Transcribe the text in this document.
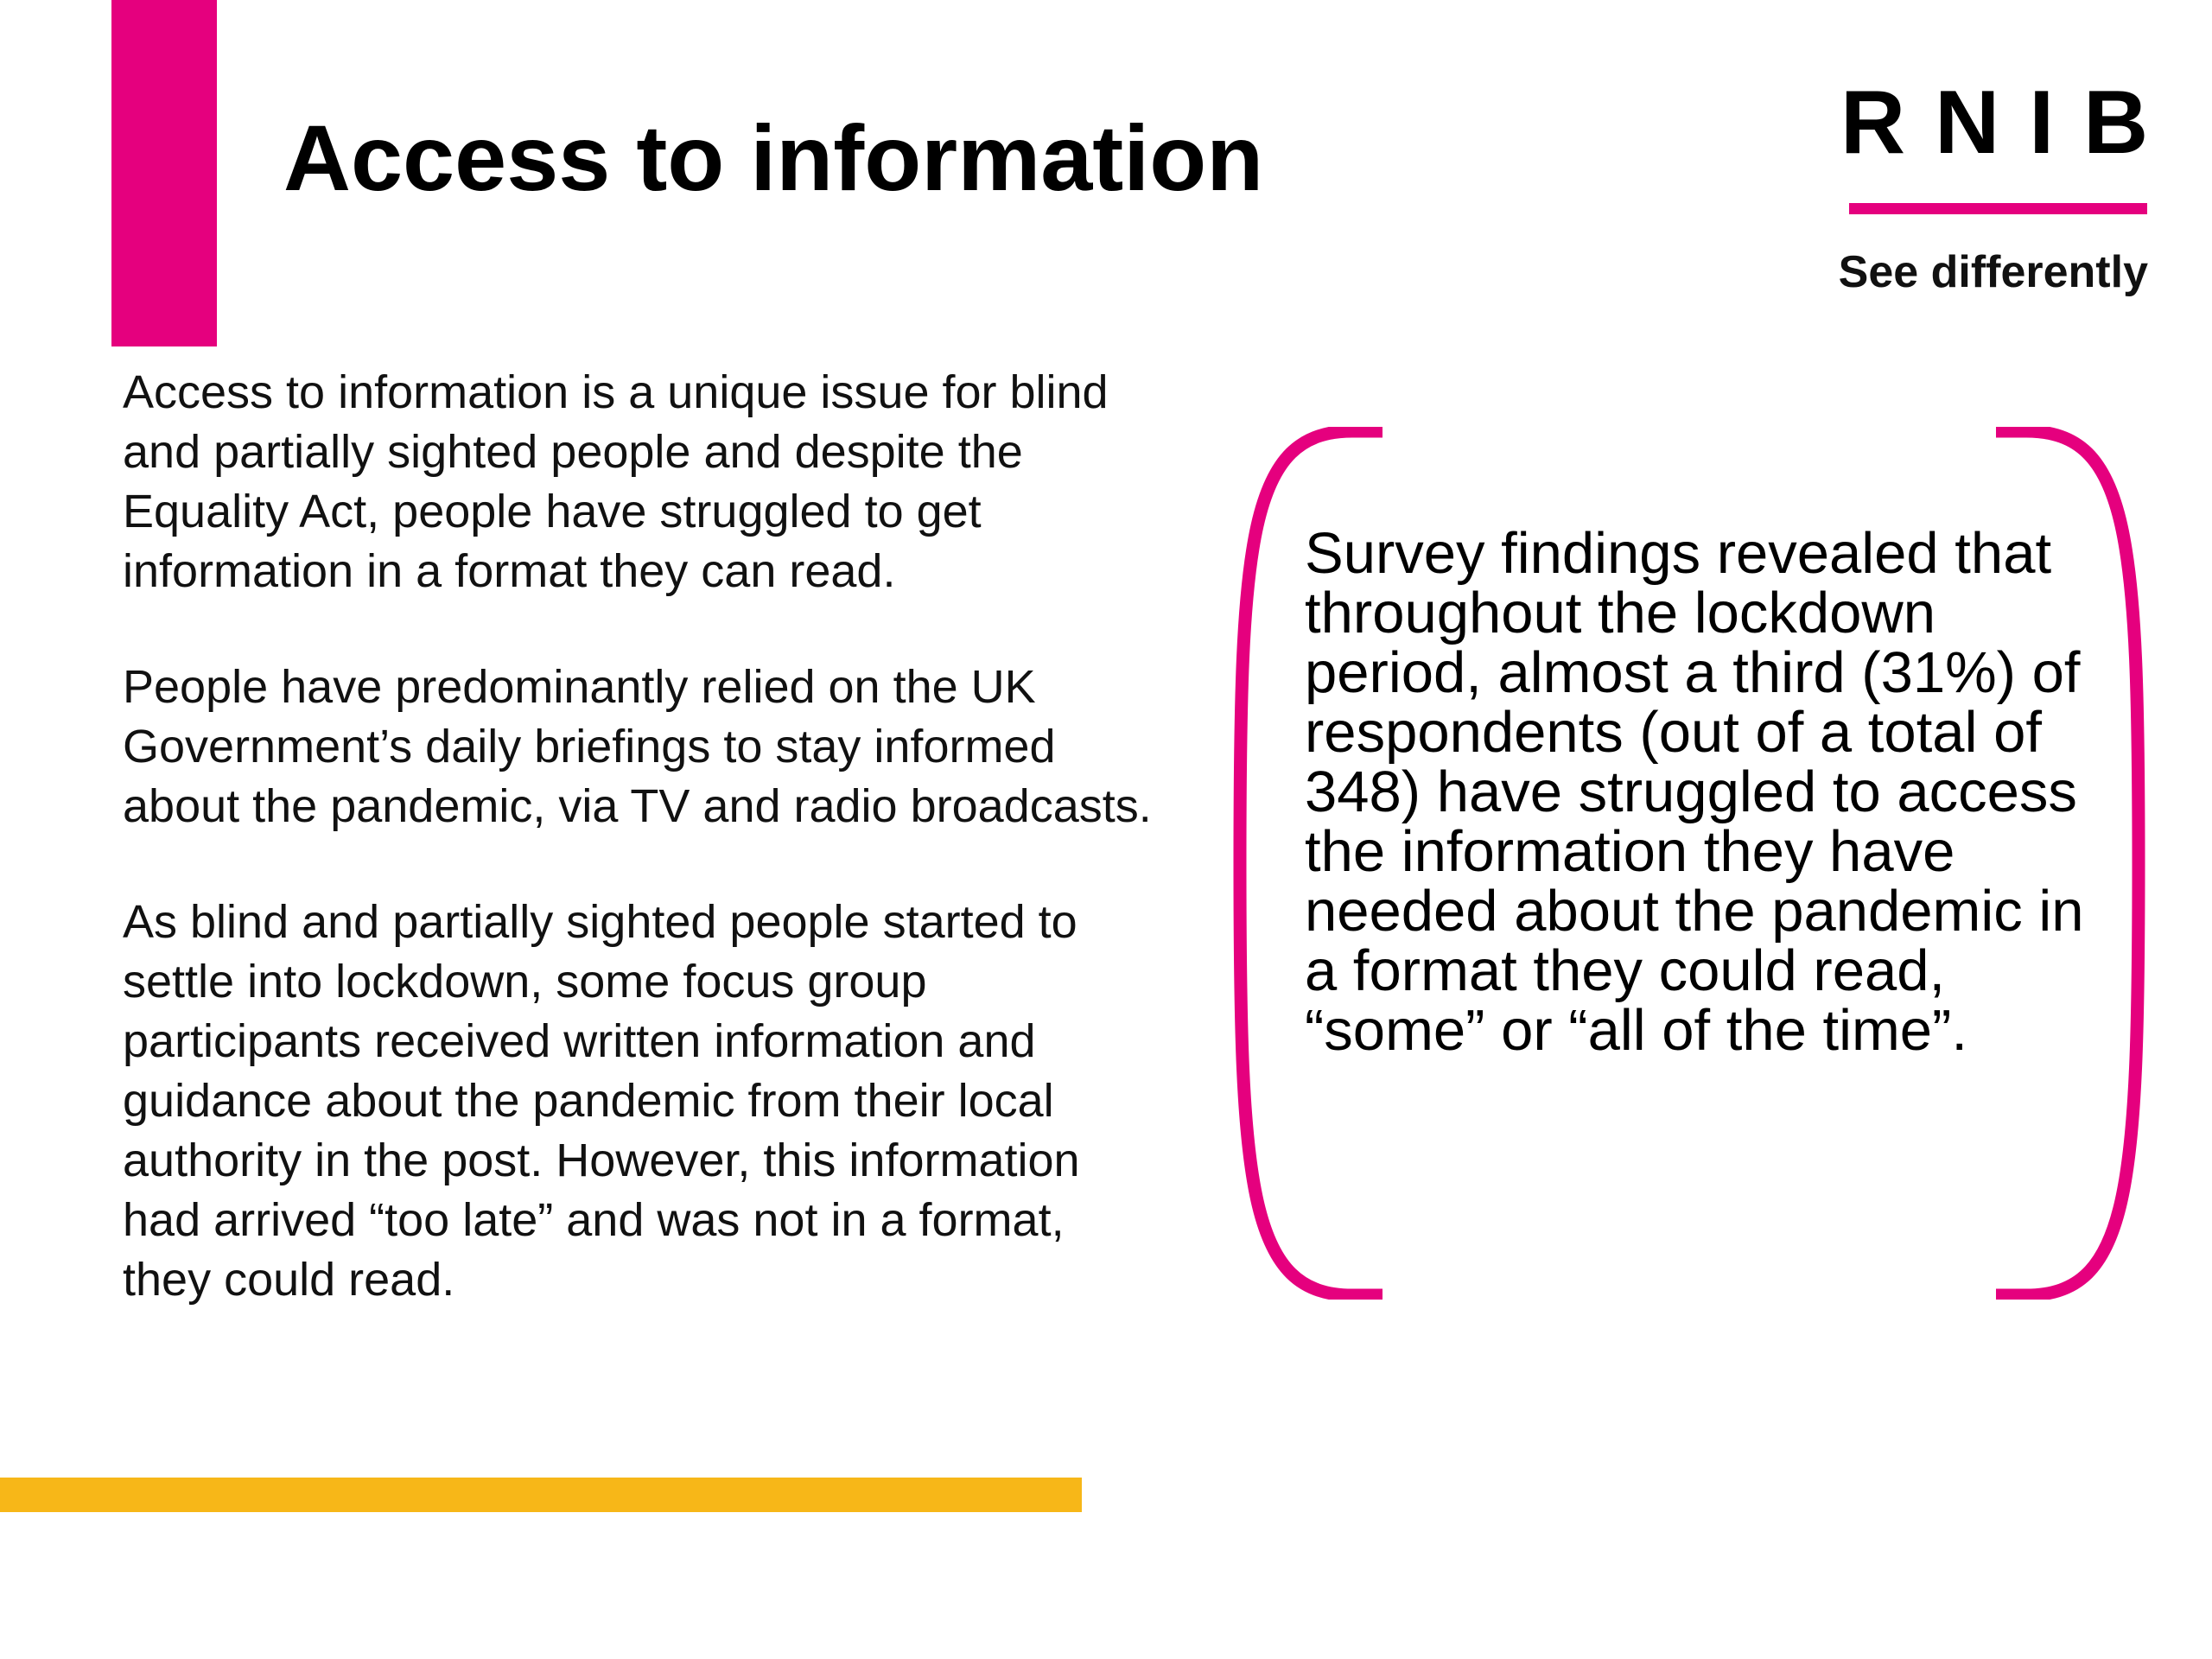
Access to information	RNIB
See differently

Access to information is a unique issue for blind and partially sighted people and despite the Equality Act, people have struggled to get information in a format they can read.

People have predominantly relied on the UK Government’s daily briefings to stay informed about the pandemic, via TV and radio broadcasts.

As blind and partially sighted people started to settle into lockdown, some focus group participants received written information and guidance about the pandemic from their local authority in the post. However, this information had arrived “too late” and was not in a format, they could read.

Survey findings revealed that throughout the lockdown period, almost a third (31%) of respondents (out of a total of 348) have struggled to access the information they have needed about the pandemic in a format they could read, “some” or “all of the time”.
